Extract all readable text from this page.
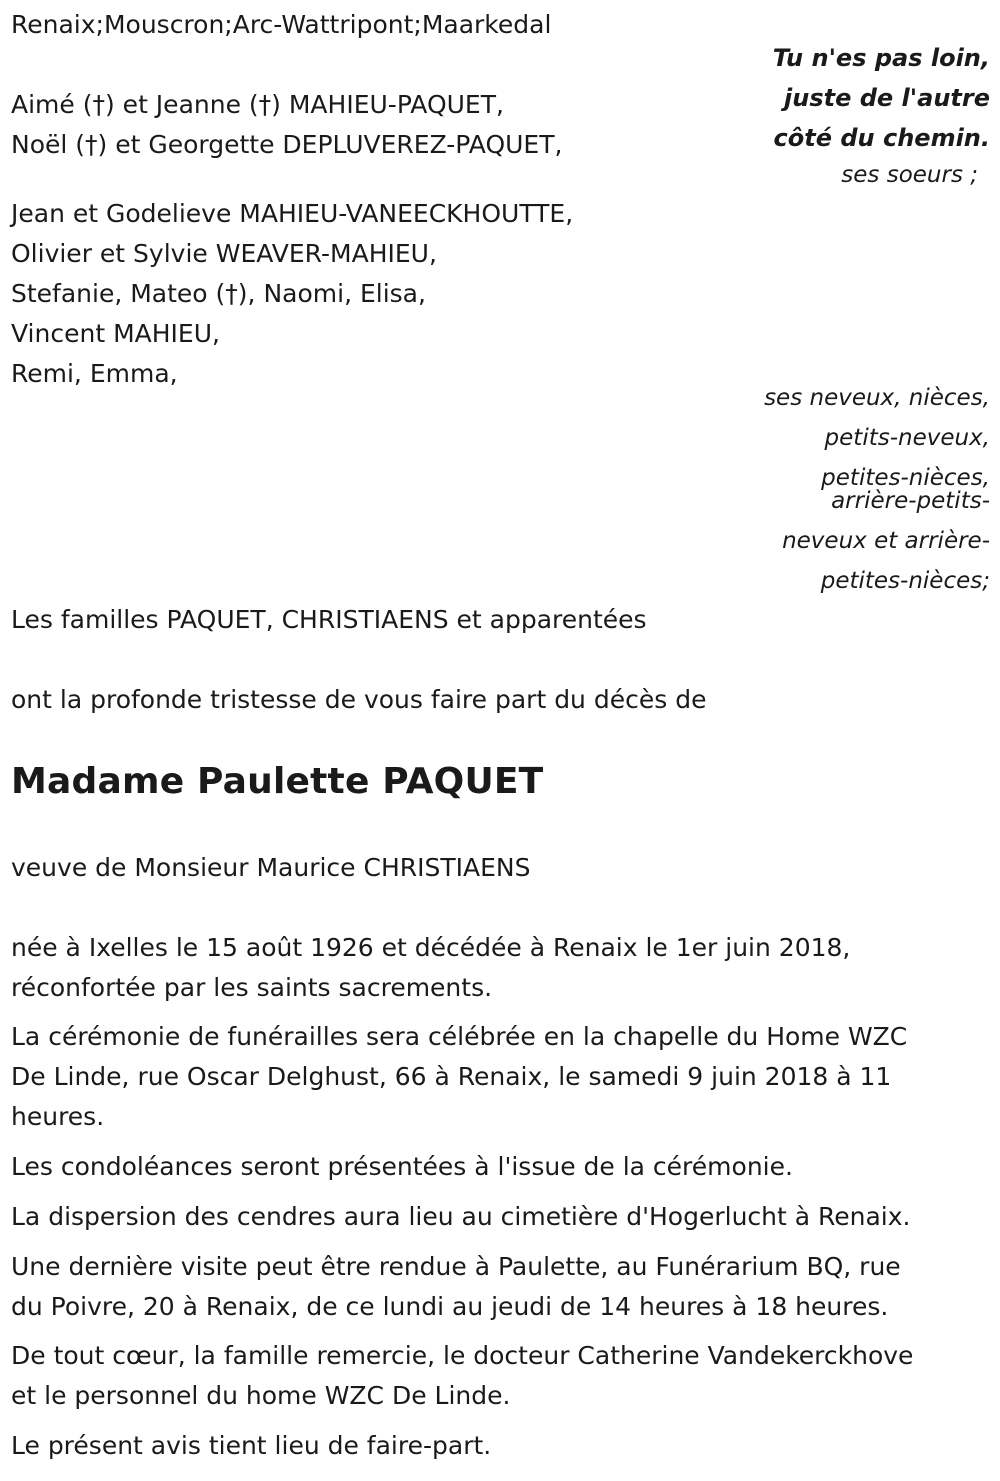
Renaix;Mouscron;Arc-Wattripont;Maarkedal
Tu n'es pas loin,
juste de l'autre
côté du chemin.
Aimé (†) et Jeanne (†) MAHIEU-PAQUET,
Noël (†) et Georgette DEPLUVEREZ-PAQUET,
ses soeurs ;
Jean et Godelieve MAHIEU-VANEECKHOUTTE,
Olivier et Sylvie WEAVER-MAHIEU,
Stefanie, Mateo (†), Naomi, Elisa,
Vincent MAHIEU,
Remi, Emma,
ses neveux, nièces,
petits-neveux,
petites-nièces,
arrière-petits-
neveux et arrière-
petites-nièces;
Les familles PAQUET, CHRISTIAENS et apparentées
ont la profonde tristesse de vous faire part du décès de
Madame Paulette PAQUET
veuve de Monsieur Maurice CHRISTIAENS
née à Ixelles le 15 août 1926 et décédée à Renaix le 1er juin 2018,
réconfortée par les saints sacrements.
La cérémonie de funérailles sera célébrée en la chapelle du Home WZC
De Linde, rue Oscar Delghust, 66 à Renaix, le samedi 9 juin 2018 à 11
heures.
Les condoléances seront présentées à l'issue de la cérémonie.
La dispersion des cendres aura lieu au cimetière d'Hogerlucht à Renaix.
Une dernière visite peut être rendue à Paulette, au Funérarium BQ, rue
du Poivre, 20 à Renaix, de ce lundi au jeudi de 14 heures à 18 heures.
De tout cœur, la famille remercie, le docteur Catherine Vandekerckhove
et le personnel du home WZC De Linde.
Le présent avis tient lieu de faire-part.
